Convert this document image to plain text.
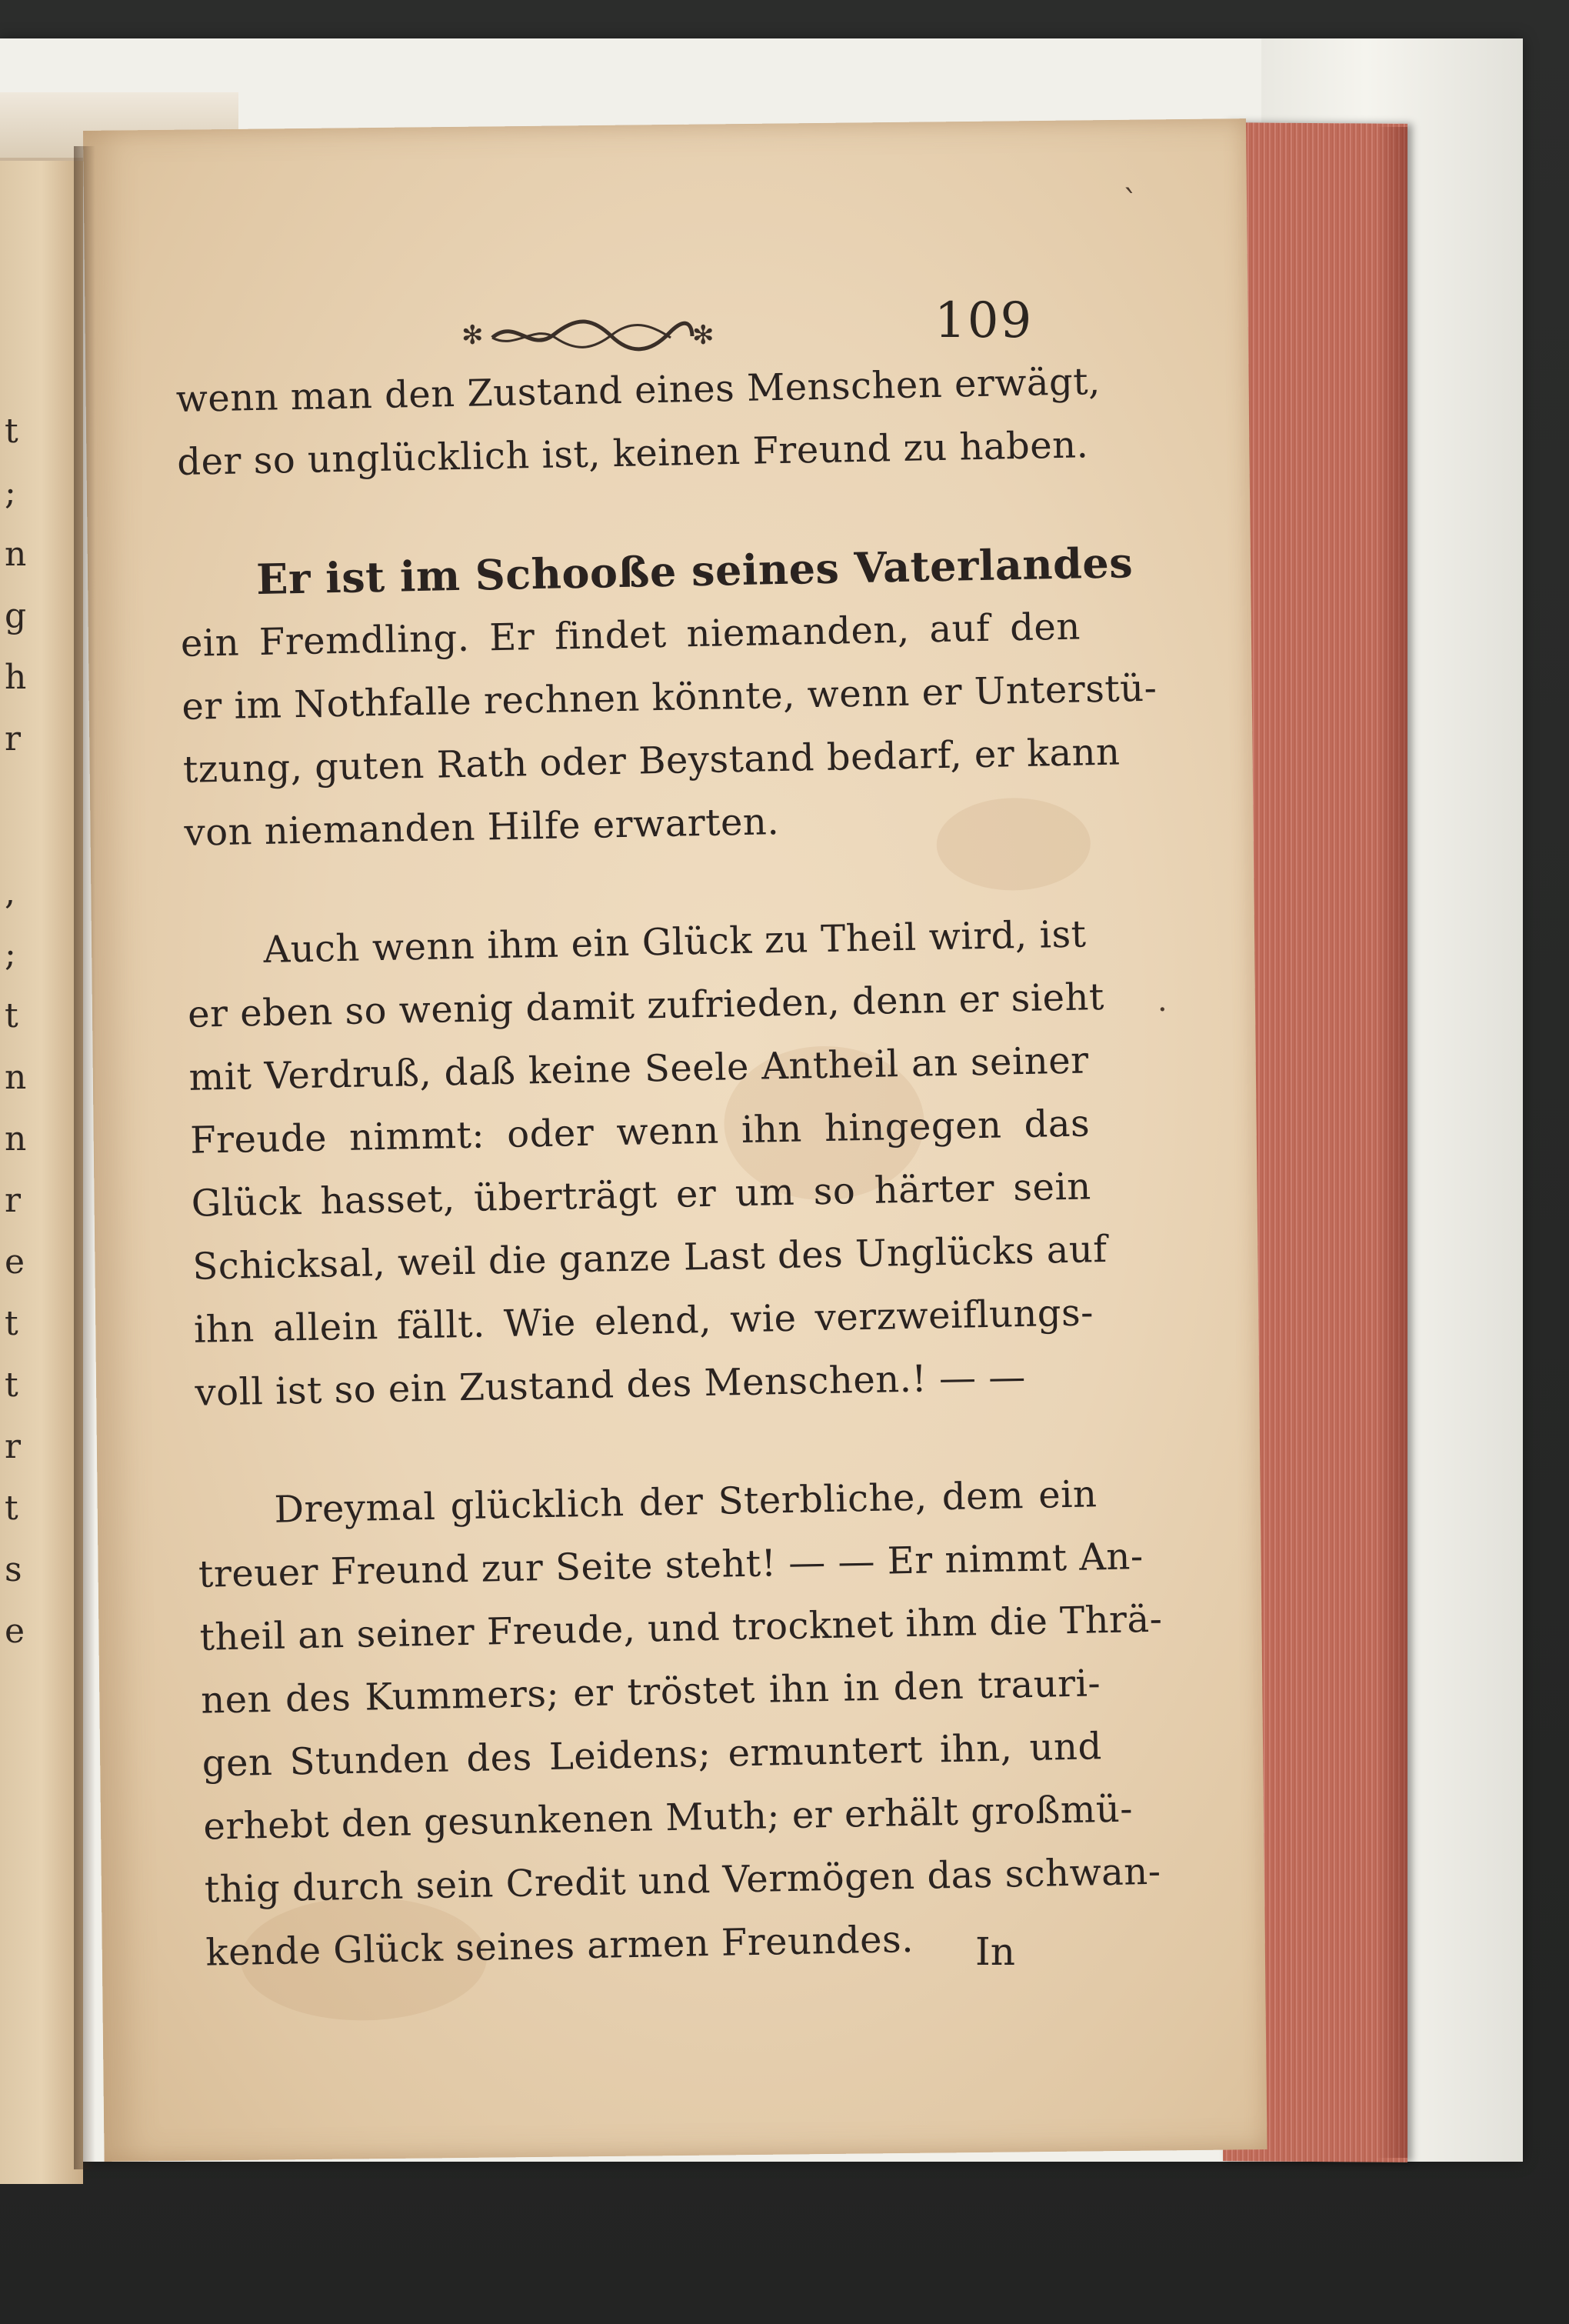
t
;
n
g
h
r
,
;
t
n
n
r
e
t
t
r
t
s
e
✻	✻	109
wenn man den Zustand eines Menschen erwägt,
der so unglücklich ist, keinen Freund zu haben.
Er ist im Schooße seines Vaterlandes
ein Fremdling. Er findet niemanden, auf den
er im Nothfalle rechnen könnte, wenn er Unterstü-
tzung, guten Rath oder Beystand bedarf, er kann
von niemanden Hilfe erwarten.
Auch wenn ihm ein Glück zu Theil wird, ist
er eben so wenig damit zufrieden, denn er sieht
mit Verdruß, daß keine Seele Antheil an seiner
Freude nimmt: oder wenn ihn hingegen das
Glück hasset, überträgt er um so härter sein
Schicksal, weil die ganze Last des Unglücks auf
ihn allein fällt. Wie elend, wie verzweiflungs-
voll ist so ein Zustand des Menschen.! — —
Dreymal glücklich der Sterbliche, dem ein
treuer Freund zur Seite steht! — — Er nimmt An-
theil an seiner Freude, und trocknet ihm die Thrä-
nen des Kummers; er tröstet ihn in den trauri-
gen Stunden des Leidens; ermuntert ihn, und
erhebt den gesunkenen Muth; er erhält großmü-
thig durch sein Credit und Vermögen das schwan-
kende Glück seines armen Freundes.	In
ˋ
·
